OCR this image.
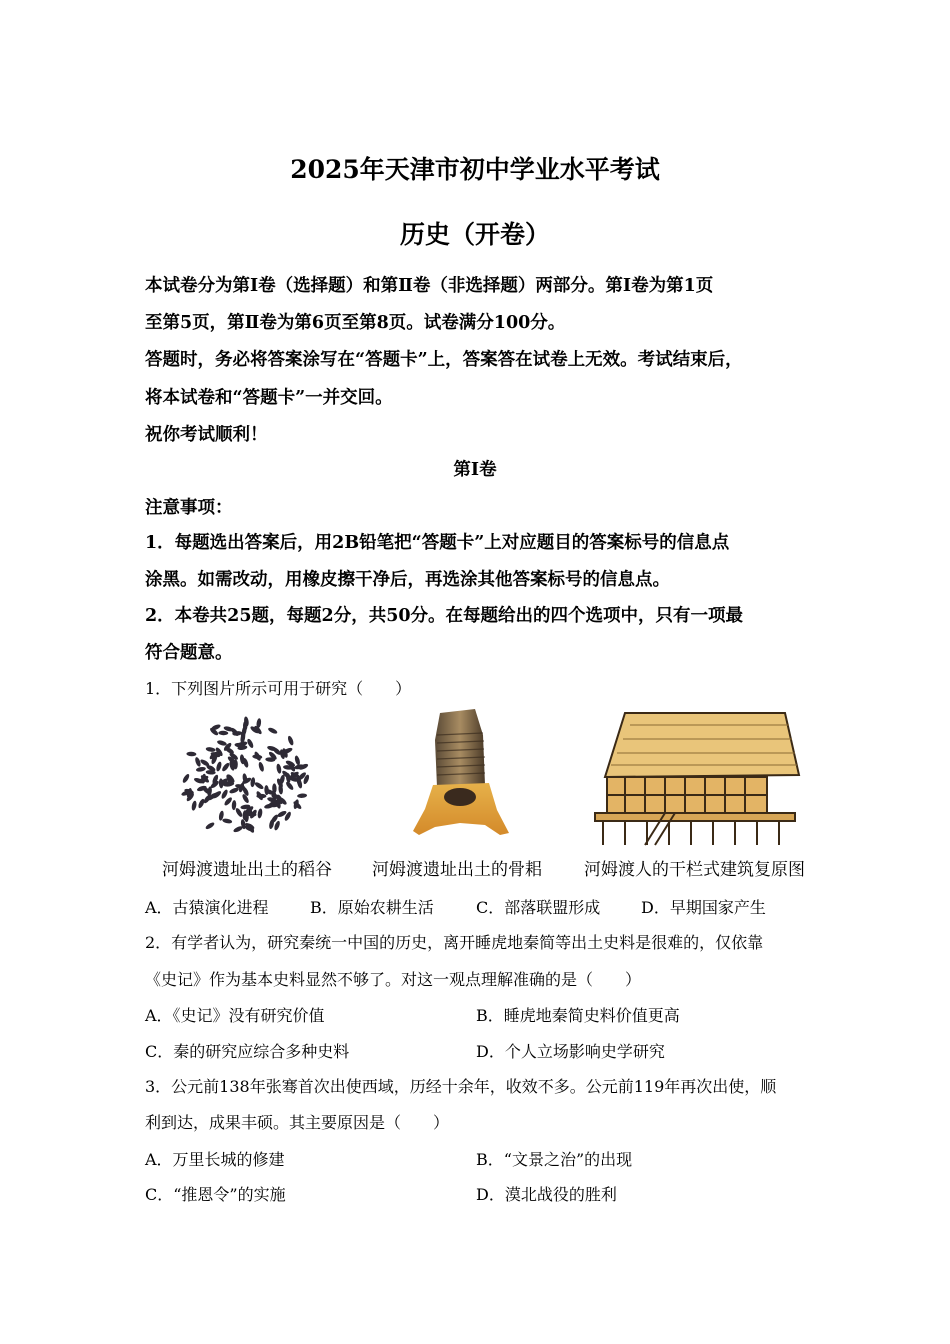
2025年天津市初中学业水平考试
历史（开卷）
本试卷分为第Ⅰ卷（选择题）和第Ⅱ卷（非选择题）两部分。第Ⅰ卷为第1页
至第5页，第Ⅱ卷为第6页至第8页。试卷满分100分。
答题时，务必将答案涂写在“答题卡”上，答案答在试卷上无效。考试结束后，
将本试卷和“答题卡”一并交回。
祝你考试顺利！
第Ⅰ卷
注意事项：
1．每题选出答案后，用2B铅笔把“答题卡”上对应题目的答案标号的信息点
涂黑。如需改动，用橡皮擦干净后，再选涂其他答案标号的信息点。
2．本卷共25题，每题2分，共50分。在每题给出的四个选项中，只有一项最
符合题意。
1．下列图片所示可用于研究（　　）
河姆渡遗址出土的稻谷 河姆渡遗址出土的骨耜 河姆渡人的干栏式建筑复原图
A．古猿演化进程	B．原始农耕生活	C．部落联盟形成	D．早期国家产生
2．有学者认为，研究秦统一中国的历史，离开睡虎地秦简等出土史料是很难的，仅依靠
《史记》作为基本史料显然不够了。对这一观点理解准确的是（　　）
A．《史记》没有研究价值	B．睡虎地秦简史料价值更高
C．秦的研究应综合多种史料	D．个人立场影响史学研究
3．公元前138年张骞首次出使西域，历经十余年，收效不多。公元前119年再次出使，顺
利到达，成果丰硕。其主要原因是（　　）
A．万里长城的修建	B．“文景之治”的出现
C．“推恩令”的实施	D．漠北战役的胜利
